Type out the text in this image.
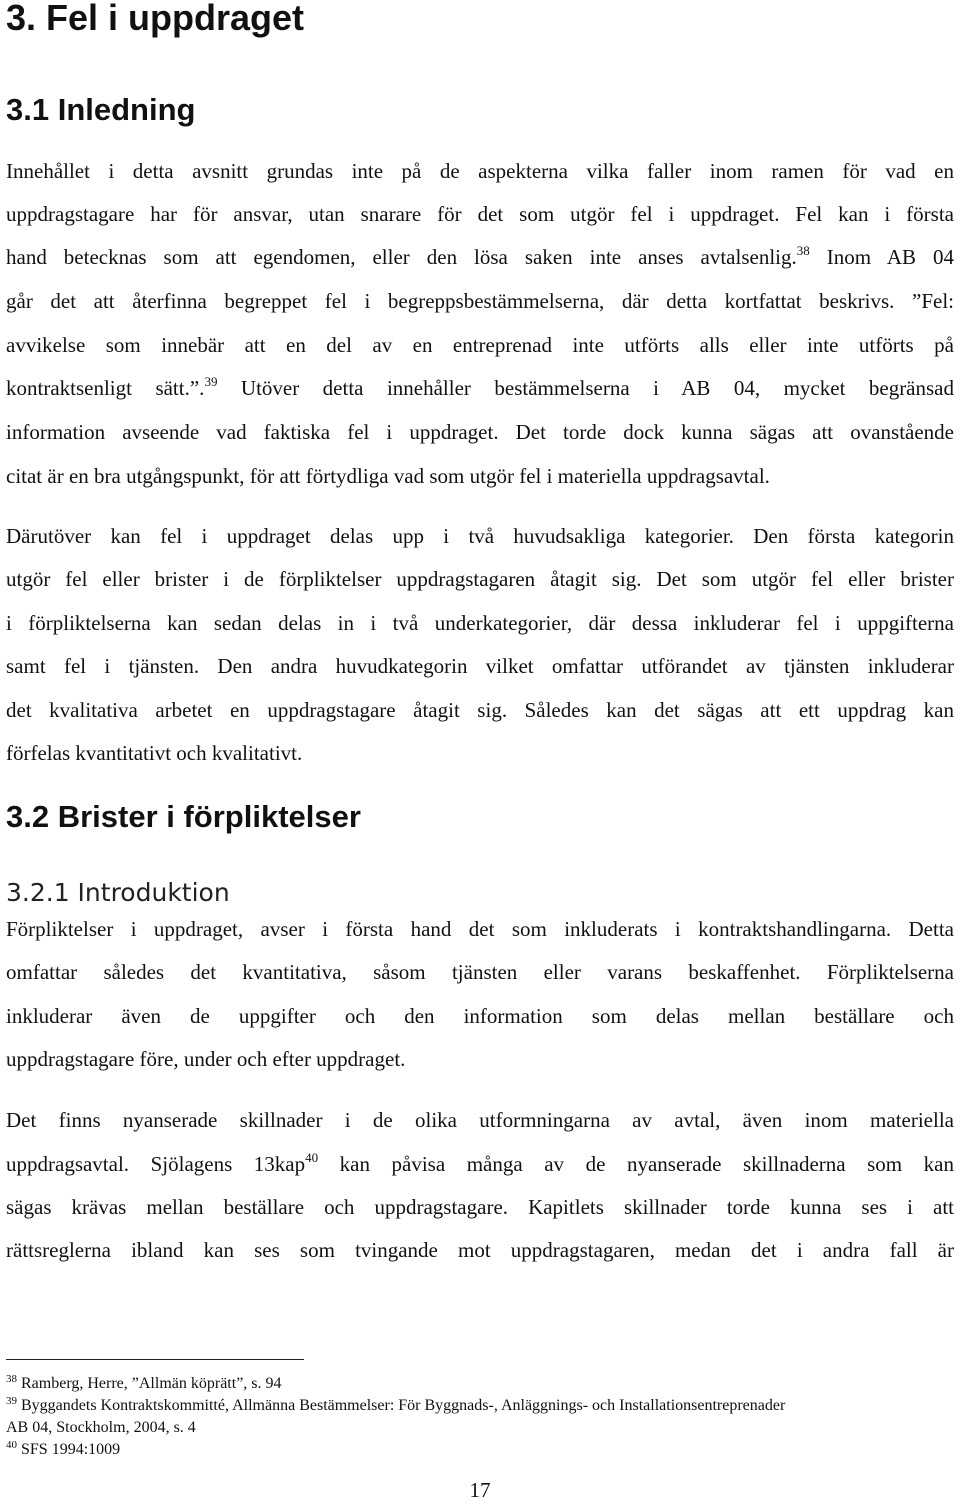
3. Fel i uppdraget
3.1 Inledning
Innehållet i detta avsnitt grundas inte på de aspekterna vilka faller inom ramen för vad en
uppdragstagare har för ansvar, utan snarare för det som utgör fel i uppdraget. Fel kan i första
hand betecknas som att egendomen, eller den lösa saken inte anses avtalsenlig.$^{38}$ Inom AB 04
går det att återfinna begreppet fel i begreppsbestämmelserna, där detta kortfattat beskrivs. ”Fel:
avvikelse som innebär att en del av en entreprenad inte utförts alls eller inte utförts på
kontraktsenligt sätt.”.$^{39}$ Utöver detta innehåller bestämmelserna i AB 04, mycket begränsad
information avseende vad faktiska fel i uppdraget. Det torde dock kunna sägas att ovanstående
citat är en bra utgångspunkt, för att förtydliga vad som utgör fel i materiella uppdragsavtal.
Därutöver kan fel i uppdraget delas upp i två huvudsakliga kategorier. Den första kategorin
utgör fel eller brister i de förpliktelser uppdragstagaren åtagit sig. Det som utgör fel eller brister
i förpliktelserna kan sedan delas in i två underkategorier, där dessa inkluderar fel i uppgifterna
samt fel i tjänsten. Den andra huvudkategorin vilket omfattar utförandet av tjänsten inkluderar
det kvalitativa arbetet en uppdragstagare åtagit sig. Således kan det sägas att ett uppdrag kan
förfelas kvantitativt och kvalitativt.
3.2 Brister i förpliktelser
3.2.1 Introduktion
Förpliktelser i uppdraget, avser i första hand det som inkluderats i kontraktshandlingarna. Detta
omfattar således det kvantitativa, såsom tjänsten eller varans beskaffenhet. Förpliktelserna
inkluderar även de uppgifter och den information som delas mellan beställare och
uppdragstagare före, under och efter uppdraget.
Det finns nyanserade skillnader i de olika utformningarna av avtal, även inom materiella
uppdragsavtal. Sjölagens 13kap$^{40}$ kan påvisa många av de nyanserade skillnaderna som kan
sägas krävas mellan beställare och uppdragstagare. Kapitlets skillnader torde kunna ses i att
rättsreglerna ibland kan ses som tvingande mot uppdragstagaren, medan det i andra fall är
$^{38}$ Ramberg, Herre, ”Allmän köprätt”, s. 94
$^{39}$ Byggandets Kontraktskommitté, Allmänna Bestämmelser: För Byggnads-, Anläggnings- och Installationsentreprenader
AB 04, Stockholm, 2004, s. 4
$^{40}$ SFS 1994:1009
17
